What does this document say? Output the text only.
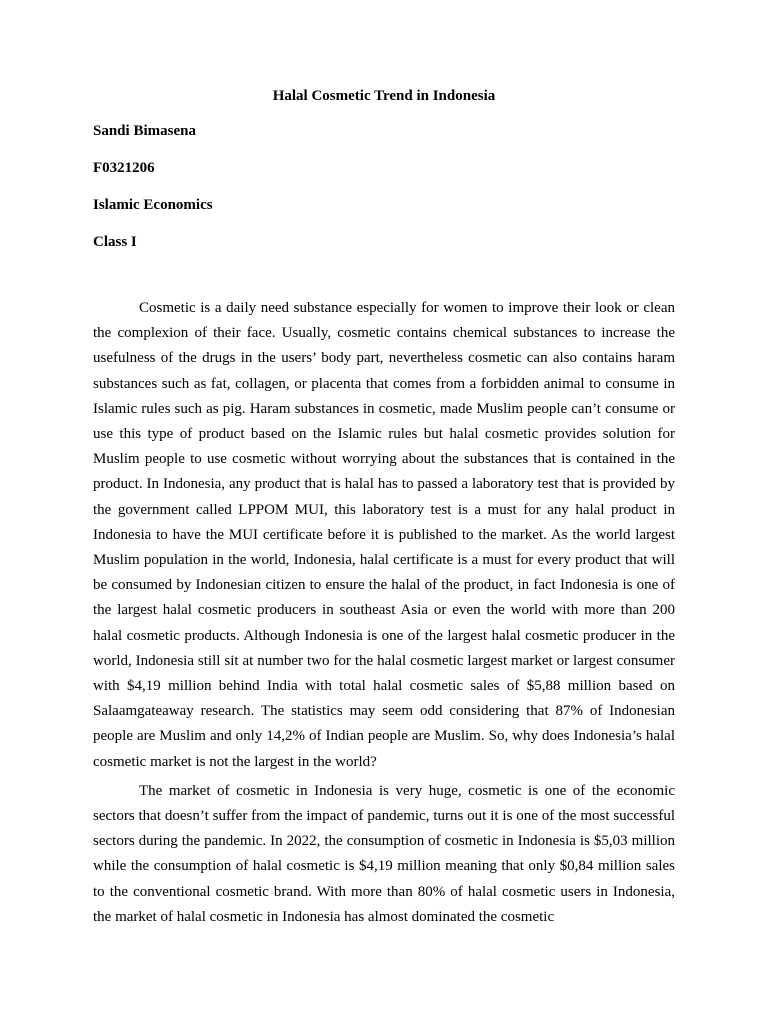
Halal Cosmetic Trend in Indonesia
Sandi Bimasena
F0321206
Islamic Economics
Class I

Cosmetic is a daily need substance especially for women to improve their look or clean the complexion of their face. Usually, cosmetic contains chemical substances to increase the usefulness of the drugs in the users’ body part, nevertheless cosmetic can also contains haram substances such as fat, collagen, or placenta that comes from a forbidden animal to consume in Islamic rules such as pig. Haram substances in cosmetic, made Muslim people can’t consume or use this type of product based on the Islamic rules but halal cosmetic provides solution for Muslim people to use cosmetic without worrying about the substances that is contained in the product. In Indonesia, any product that is halal has to passed a laboratory test that is provided by the government called LPPOM MUI, this laboratory test is a must for any halal product in Indonesia to have the MUI certificate before it is published to the market. As the world largest Muslim population in the world, Indonesia, halal certificate is a must for every product that will be consumed by Indonesian citizen to ensure the halal of the product, in fact Indonesia is one of the largest halal cosmetic producers in southeast Asia or even the world with more than 200 halal cosmetic products. Although Indonesia is one of the largest halal cosmetic producer in the world, Indonesia still sit at number two for the halal cosmetic largest market or largest consumer with $4,19 million behind India with total halal cosmetic sales of $5,88 million based on Salaamgateaway research. The statistics may seem odd considering that 87% of Indonesian people are Muslim and only 14,2% of Indian people are Muslim. So, why does Indonesia’s halal cosmetic market is not the largest in the world?

The market of cosmetic in Indonesia is very huge, cosmetic is one of the economic sectors that doesn’t suffer from the impact of pandemic, turns out it is one of the most successful sectors during the pandemic. In 2022, the consumption of cosmetic in Indonesia is $5,03 million while the consumption of halal cosmetic is $4,19 million meaning that only $0,84 million sales to the conventional cosmetic brand. With more than 80% of halal cosmetic users in Indonesia, the market of halal cosmetic in Indonesia has almost dominated the cosmetic
